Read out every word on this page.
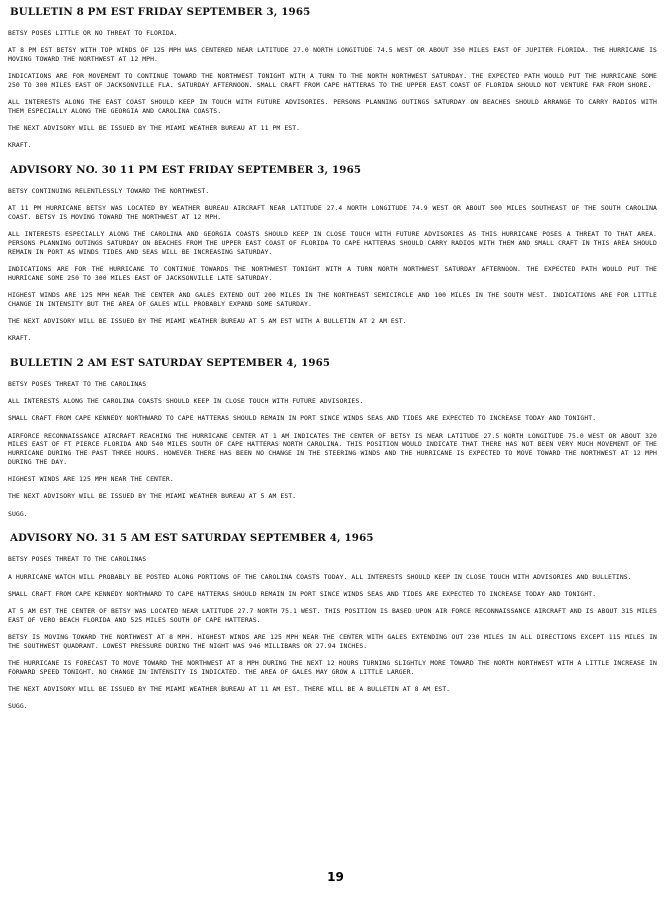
BULLETIN 8 PM EST FRIDAY SEPTEMBER 3, 1965

BETSY POSES LITTLE OR NO THREAT TO FLORIDA.

AT 8 PM EST BETSY WITH TOP WINDS OF 125 MPH WAS CENTERED NEAR LATITUDE 27.0 NORTH LONGITUDE 74.5 WEST OR ABOUT 350 MILES EAST OF JUPITER FLORIDA. THE HURRICANE IS MOVING TOWARD THE NORTHWEST AT 12 MPH.

INDICATIONS ARE FOR MOVEMENT TO CONTINUE TOWARD THE NORTHWEST TONIGHT WITH A TURN TO THE NORTH NORTHWEST SATURDAY. THE EXPECTED PATH WOULD PUT THE HURRICANE SOME 250 TO 300 MILES EAST OF JACKSONVILLE FLA. SATURDAY AFTERNOON. SMALL CRAFT FROM CAPE HATTERAS TO THE UPPER EAST COAST OF FLORIDA SHOULD NOT VENTURE FAR FROM SHORE.

ALL INTERESTS ALONG THE EAST COAST SHOULD KEEP IN TOUCH WITH FUTURE ADVISORIES. PERSONS PLANNING OUTINGS SATURDAY ON BEACHES SHOULD ARRANGE TO CARRY RADIOS WITH THEM ESPECIALLY ALONG THE GEORGIA AND CAROLINA COASTS.

THE NEXT ADVISORY WILL BE ISSUED BY THE MIAMI WEATHER BUREAU AT 11 PM EST.

KRAFT.

ADVISORY NO. 30 11 PM EST FRIDAY SEPTEMBER 3, 1965

BETSY CONTINUING RELENTLESSLY TOWARD THE NORTHWEST.

AT 11 PM HURRICANE BETSY WAS LOCATED BY WEATHER BUREAU AIRCRAFT NEAR LATITUDE 27.4 NORTH LONGITUDE 74.9 WEST OR ABOUT 500 MILES SOUTHEAST OF THE SOUTH CAROLINA COAST. BETSY IS MOVING TOWARD THE NORTHWEST AT 12 MPH.

ALL INTERESTS ESPECIALLY ALONG THE CAROLINA AND GEORGIA COASTS SHOULD KEEP IN CLOSE TOUCH WITH FUTURE ADVISORIES AS THIS HURRICANE POSES A THREAT TO THAT AREA. PERSONS PLANNING OUTINGS SATURDAY ON BEACHES FROM THE UPPER EAST COAST OF FLORIDA TO CAPE HATTERAS SHOULD CARRY RADIOS WITH THEM AND SMALL CRAFT IN THIS AREA SHOULD REMAIN IN PORT AS WINDS TIDES AND SEAS WILL BE INCREASING SATURDAY.

INDICATIONS ARE FOR THE HURRICANE TO CONTINUE TOWARDS THE NORTHWEST TONIGHT WITH A TURN NORTH NORTHWEST SATURDAY AFTERNOON. THE EXPECTED PATH WOULD PUT THE HURRICANE SOME 250 TO 300 MILES EAST OF JACKSONVILLE LATE SATURDAY.

HIGHEST WINDS ARE 125 MPH NEAR THE CENTER AND GALES EXTEND OUT 200 MILES IN THE NORTHEAST SEMICIRCLE AND 100 MILES IN THE SOUTH WEST. INDICATIONS ARE FOR LITTLE CHANGE IN INTENSITY BUT THE AREA OF GALES WILL PROBABLY EXPAND SOME SATURDAY.

THE NEXT ADVISORY WILL BE ISSUED BY THE MIAMI WEATHER BUREAU AT 5 AM EST WITH A BULLETIN AT 2 AM EST.

KRAFT.

BULLETIN 2 AM EST SATURDAY SEPTEMBER 4, 1965

BETSY POSES THREAT TO THE CAROLINAS

ALL INTERESTS ALONG THE CAROLINA COASTS SHOULD KEEP IN CLOSE TOUCH WITH FUTURE ADVISORIES.

SMALL CRAFT FROM CAPE KENNEDY NORTHWARD TO CAPE HATTERAS SHOULD REMAIN IN PORT SINCE WINDS SEAS AND TIDES ARE EXPECTED TO INCREASE TODAY AND TONIGHT.

AIRFORCE RECONNAISSANCE AIRCRAFT REACHING THE HURRICANE CENTER AT 1 AM INDICATES THE CENTER OF BETSY IS NEAR LATITUDE 27.5 NORTH LONGITUDE 75.0 WEST OR ABOUT 320 MILES EAST OF FT PIERCE FLORIDA AND 540 MILES SOUTH OF CAPE HATTERAS NORTH CAROLINA. THIS POSITION WOULD INDICATE THAT THERE HAS NOT BEEN VERY MUCH MOVEMENT OF THE HURRICANE DURING THE PAST THREE HOURS. HOWEVER THERE HAS BEEN NO CHANGE IN THE STEERING WINDS AND THE HURRICANE IS EXPECTED TO MOVE TOWARD THE NORTHWEST AT 12 MPH DURING THE DAY.

HIGHEST WINDS ARE 125 MPH NEAR THE CENTER.

THE NEXT ADVISORY WILL BE ISSUED BY THE MIAMI WEATHER BUREAU AT 5 AM EST.

SUGG.

ADVISORY NO. 31 5 AM EST SATURDAY SEPTEMBER 4, 1965

BETSY POSES THREAT TO THE CAROLINAS

A HURRICANE WATCH WILL PROBABLY BE POSTED ALONG PORTIONS OF THE CAROLINA COASTS TODAY. ALL INTERESTS SHOULD KEEP IN CLOSE TOUCH WITH ADVISORIES AND BULLETINS.

SMALL CRAFT FROM CAPE KENNEDY NORTHWARD TO CAPE HATTERAS SHOULD REMAIN IN PORT SINCE WINDS SEAS AND TIDES ARE EXPECTED TO INCREASE TODAY AND TONIGHT.

AT 5 AM EST THE CENTER OF BETSY WAS LOCATED NEAR LATITUDE 27.7 NORTH 75.1 WEST. THIS POSITION IS BASED UPON AIR FORCE RECONNAISSANCE AIRCRAFT AND IS ABOUT 315 MILES EAST OF VERO BEACH FLORIDA AND 525 MILES SOUTH OF CAPE HATTERAS.

BETSY IS MOVING TOWARD THE NORTHWEST AT 8 MPH. HIGHEST WINDS ARE 125 MPH NEAR THE CENTER WITH GALES EXTENDING OUT 230 MILES IN ALL DIRECTIONS EXCEPT 115 MILES IN THE SOUTHWEST QUADRANT. LOWEST PRESSURE DURING THE NIGHT WAS 946 MILLIBARS OR 27.94 INCHES.

THE HURRICANE IS FORECAST TO MOVE TOWARD THE NORTHWEST AT 8 MPH DURING THE NEXT 12 HOURS TURNING SLIGHTLY MORE TOWARD THE NORTH NORTHWEST WITH A LITTLE INCREASE IN FORWARD SPEED TONIGHT. NO CHANGE IN INTENSITY IS INDICATED. THE AREA OF GALES MAY GROW A LITTLE LARGER.

THE NEXT ADVISORY WILL BE ISSUED BY THE MIAMI WEATHER BUREAU AT 11 AM EST. THERE WILL BE A BULLETIN AT 8 AM EST.

SUGG.

19
